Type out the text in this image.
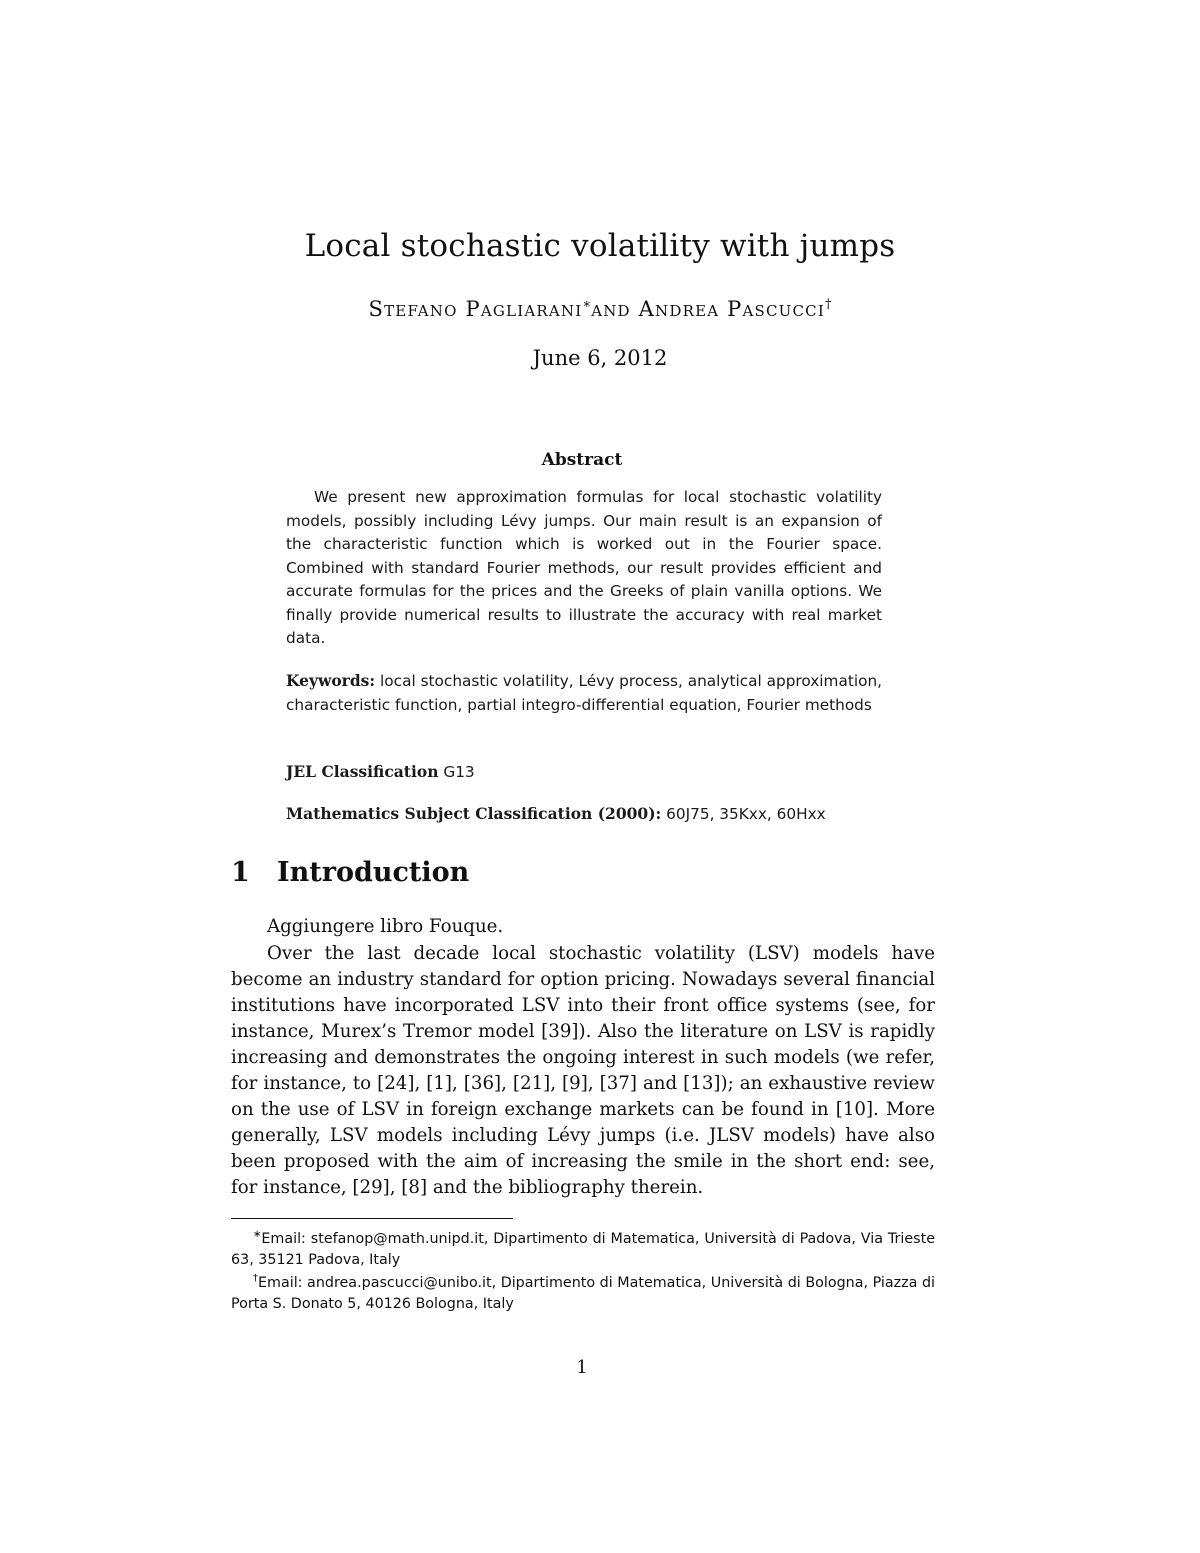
Local stochastic volatility with jumps
Stefano Pagliarani∗and Andrea Pascucci†
June 6, 2012
Abstract
We present new approximation formulas for local stochastic volatility models, possibly including Lévy jumps. Our main result is an expansion of the characteristic function which is worked out in the Fourier space. Combined with standard Fourier methods, our result provides efficient and accurate formulas for the prices and the Greeks of plain vanilla options. We finally provide numerical results to illustrate the accuracy with real market data.
Keywords: local stochastic volatility, Lévy process, analytical approximation, characteristic function, partial integro-differential equation, Fourier methods
JEL Classification G13
Mathematics Subject Classification (2000): 60J75, 35Kxx, 60Hxx
1 Introduction
Aggiungere libro Fouque.
Over the last decade local stochastic volatility (LSV) models have become an industry standard for option pricing. Nowadays several financial institutions have incorporated LSV into their front office systems (see, for instance, Murex’s Tremor model [39]). Also the literature on LSV is rapidly increasing and demonstrates the ongoing interest in such models (we refer, for instance, to [24], [1], [36], [21], [9], [37] and [13]); an exhaustive review on the use of LSV in foreign exchange markets can be found in [10]. More generally, LSV models including Lévy jumps (i.e. JLSV models) have also been proposed with the aim of increasing the smile in the short end: see, for instance, [29], [8] and the bibliography therein.
∗Email: stefanop@math.unipd.it, Dipartimento di Matematica, Università di Padova, Via Trieste 63, 35121 Padova, Italy
†Email: andrea.pascucci@unibo.it, Dipartimento di Matematica, Università di Bologna, Piazza di Porta S. Donato 5, 40126 Bologna, Italy
1
